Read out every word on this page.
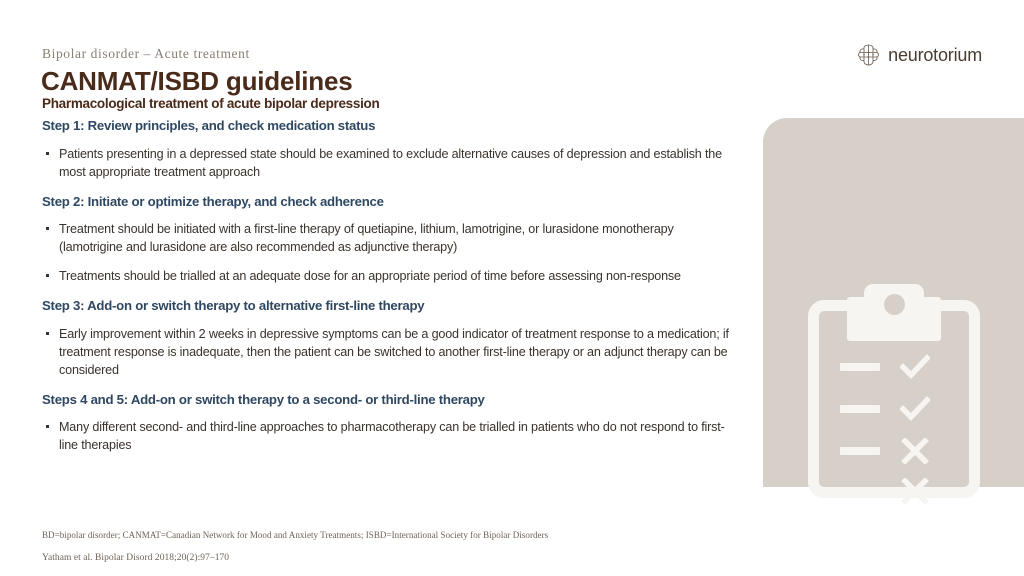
Bipolar disorder – Acute treatment
CANMAT/ISBD guidelines
Pharmacological treatment of acute bipolar depression
neurotorium
Step 1: Review principles, and check medication status

Patients presenting in a depressed state should be examined to exclude alternative causes of depression and establish the most appropriate treatment approach

Step 2: Initiate or optimize therapy, and check adherence

Treatment should be initiated with a first-line therapy of quetiapine, lithium, lamotrigine, or lurasidone monotherapy (lamotrigine and lurasidone are also recommended as adjunctive therapy)

Treatments should be trialled at an adequate dose for an appropriate period of time before assessing non-response

Step 3: Add-on or switch therapy to alternative first-line therapy

Early improvement within 2 weeks in depressive symptoms can be a good indicator of treatment response to a medication; if treatment response is inadequate, then the patient can be switched to another first-line therapy or an adjunct therapy can be considered

Steps 4 and 5: Add-on or switch therapy to a second- or third-line therapy

Many different second- and third-line approaches to pharmacotherapy can be trialled in patients who do not respond to first-line therapies

BD=bipolar disorder; CANMAT=Canadian Network for Mood and Anxiety Treatments; ISBD=International Society for Bipolar Disorders
Yatham et al. Bipolar Disord 2018;20(2):97–170
